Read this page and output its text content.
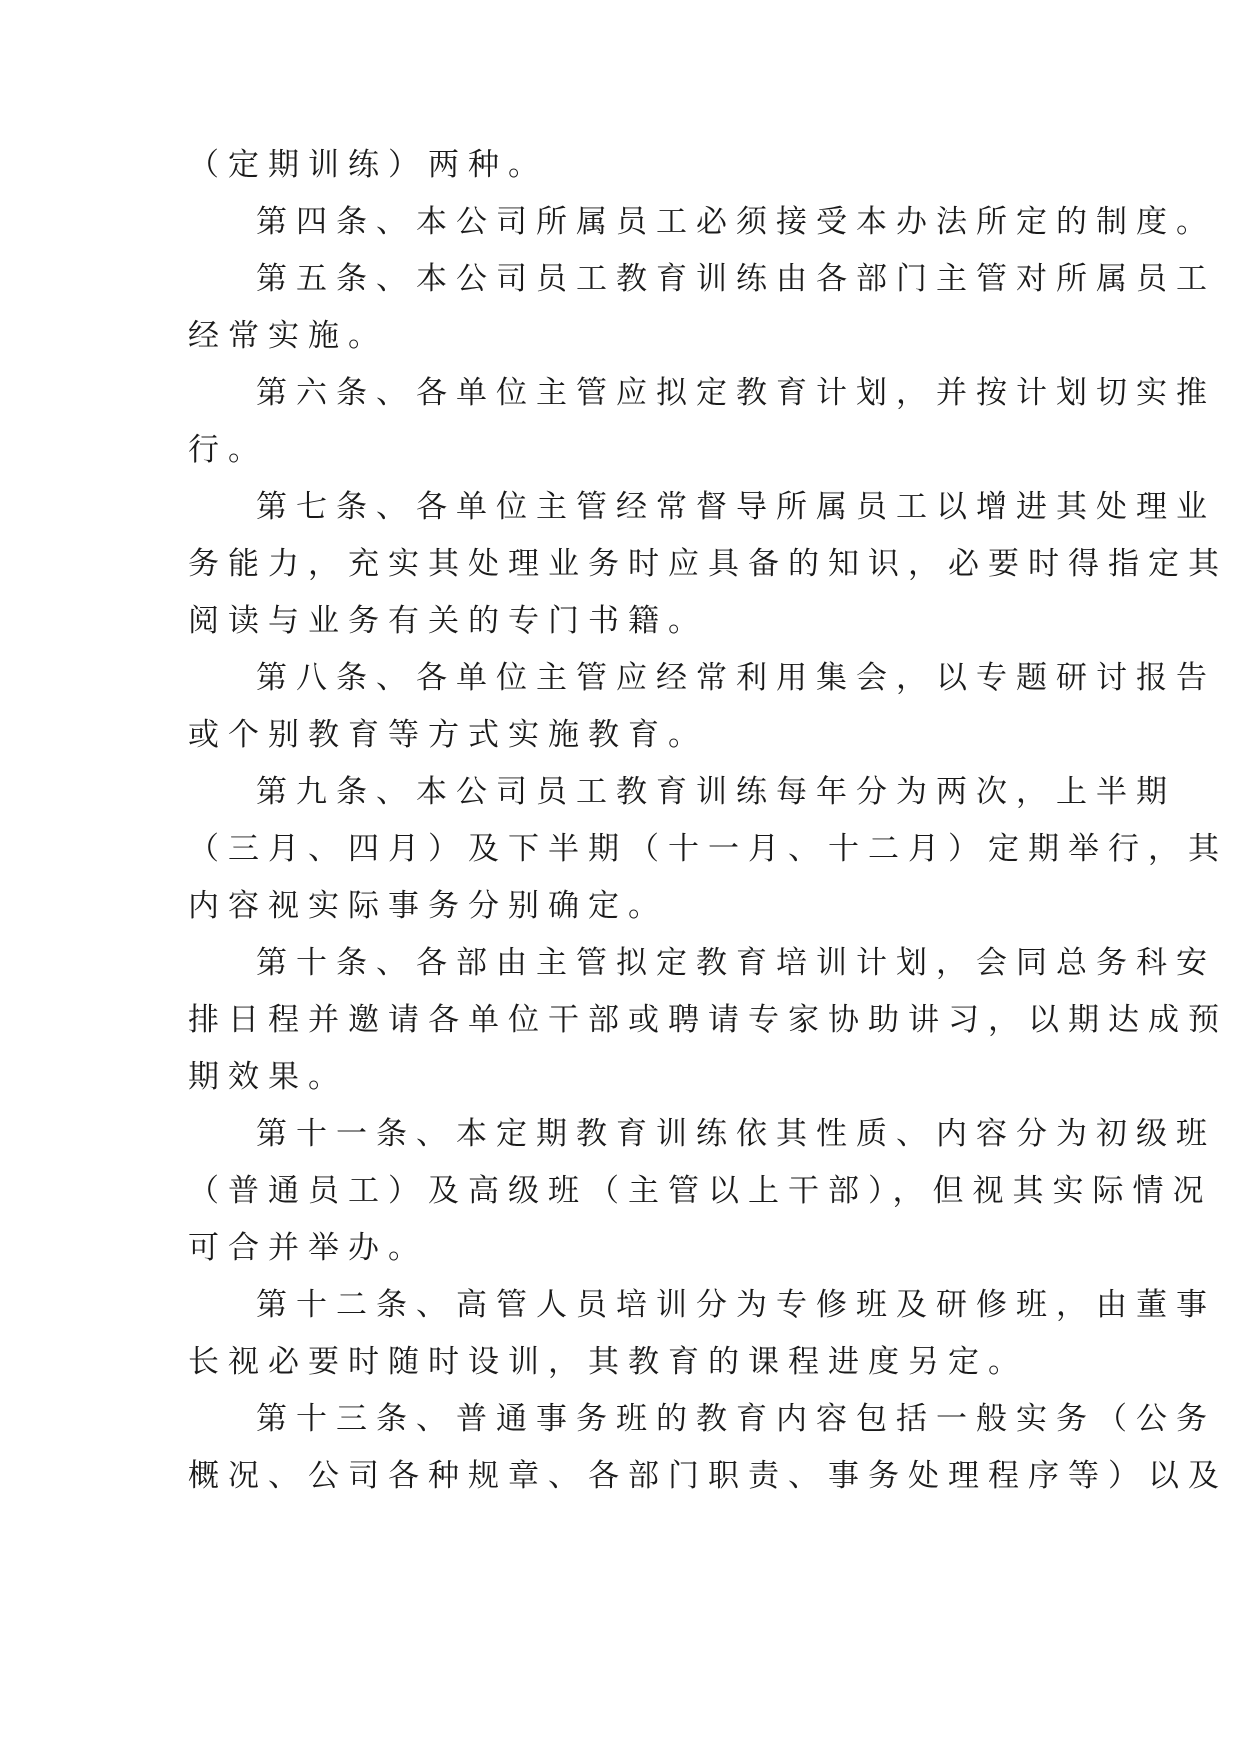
（定期训练）两种。
第四条、本公司所属员工必须接受本办法所定的制度。
第五条、本公司员工教育训练由各部门主管对所属员工
经常实施。
第六条、各单位主管应拟定教育计划，并按计划切实推
行。
第七条、各单位主管经常督导所属员工以增进其处理业
务能力，充实其处理业务时应具备的知识，必要时得指定其
阅读与业务有关的专门书籍。
第八条、各单位主管应经常利用集会，以专题研讨报告
或个别教育等方式实施教育。
第九条、本公司员工教育训练每年分为两次，上半期
（三月、四月）及下半期（十一月、十二月）定期举行，其
内容视实际事务分别确定。
第十条、各部由主管拟定教育培训计划，会同总务科安
排日程并邀请各单位干部或聘请专家协助讲习，以期达成预
期效果。
第十一条、本定期教育训练依其性质、内容分为初级班
（普通员工）及高级班（主管以上干部），但视其实际情况
可合并举办。
第十二条、高管人员培训分为专修班及研修班，由董事
长视必要时随时设训，其教育的课程进度另定。
第十三条、普通事务班的教育内容包括一般实务（公务
概况、公司各种规章、各部门职责、事务处理程序等）以及
